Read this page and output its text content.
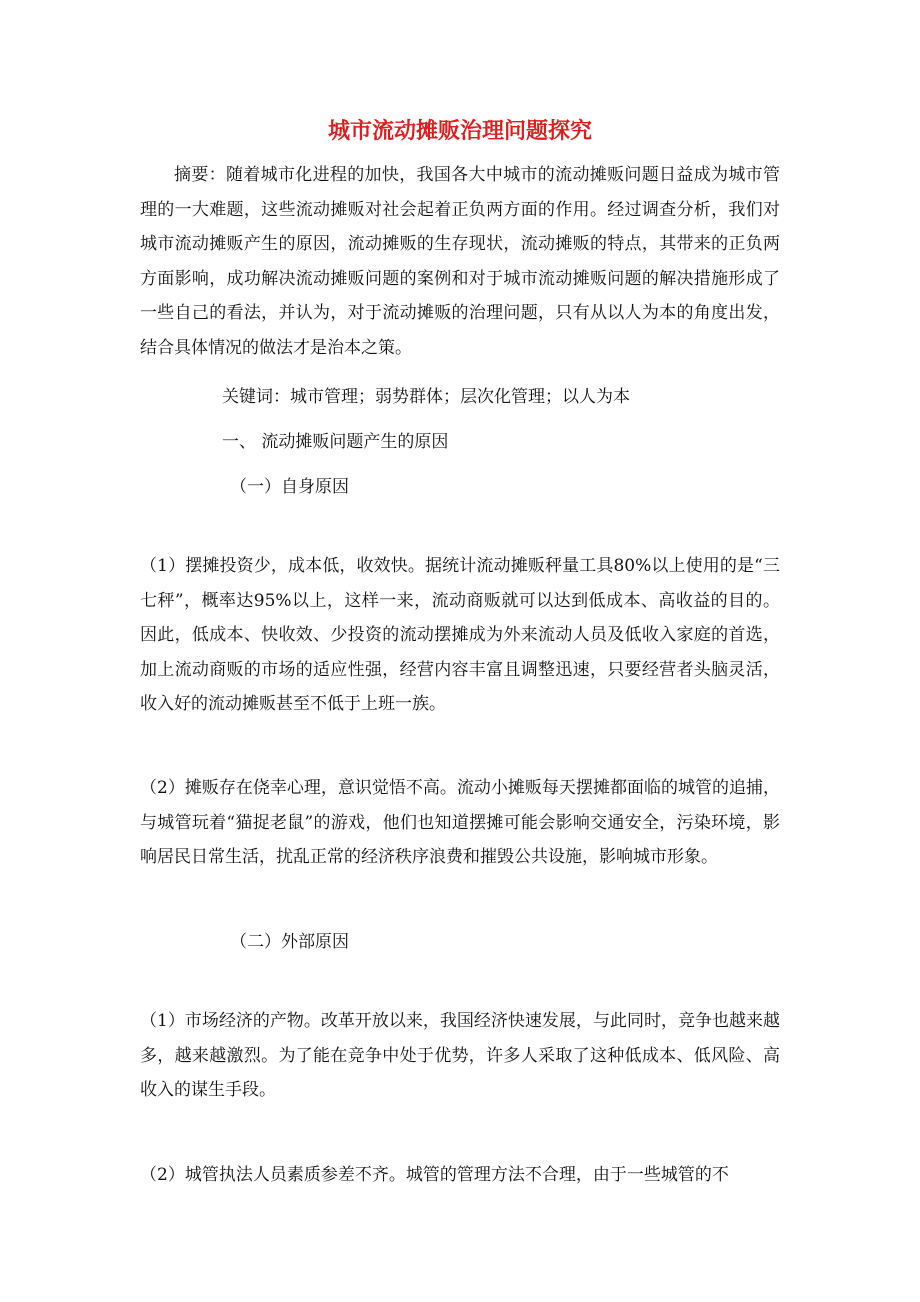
城市流动摊贩治理问题探究

摘要：随着城市化进程的加快，我国各大中城市的流动摊贩问题日益成为城市管理的一大难题，这些流动摊贩对社会起着正负两方面的作用。经过调查分析，我们对城市流动摊贩产生的原因，流动摊贩的生存现状，流动摊贩的特点，其带来的正负两方面影响，成功解决流动摊贩问题的案例和对于城市流动摊贩问题的解决措施形成了一些自己的看法，并认为，对于流动摊贩的治理问题，只有从以人为本的角度出发，结合具体情况的做法才是治本之策。

关键词：城市管理；弱势群体；层次化管理；以人为本

一、 流动摊贩问题产生的原因

（一）自身原因

（1）摆摊投资少，成本低，收效快。据统计流动摊贩秤量工具80%以上使用的是“三七秤”，概率达95%以上，这样一来，流动商贩就可以达到低成本、高收益的目的。因此，低成本、快收效、少投资的流动摆摊成为外来流动人员及低收入家庭的首选，加上流动商贩的市场的适应性强，经营内容丰富且调整迅速，只要经营者头脑灵活，收入好的流动摊贩甚至不低于上班一族。

（2）摊贩存在侥幸心理，意识觉悟不高。流动小摊贩每天摆摊都面临的城管的追捕，与城管玩着“猫捉老鼠”的游戏，他们也知道摆摊可能会影响交通安全，污染环境，影响居民日常生活，扰乱正常的经济秩序浪费和摧毁公共设施，影响城市形象。

（二）外部原因

（1）市场经济的产物。改革开放以来，我国经济快速发展，与此同时，竞争也越来越多，越来越激烈。为了能在竞争中处于优势，许多人采取了这种低成本、低风险、高收入的谋生手段。

（2）城管执法人员素质参差不齐。城管的管理方法不合理，由于一些城管的不
